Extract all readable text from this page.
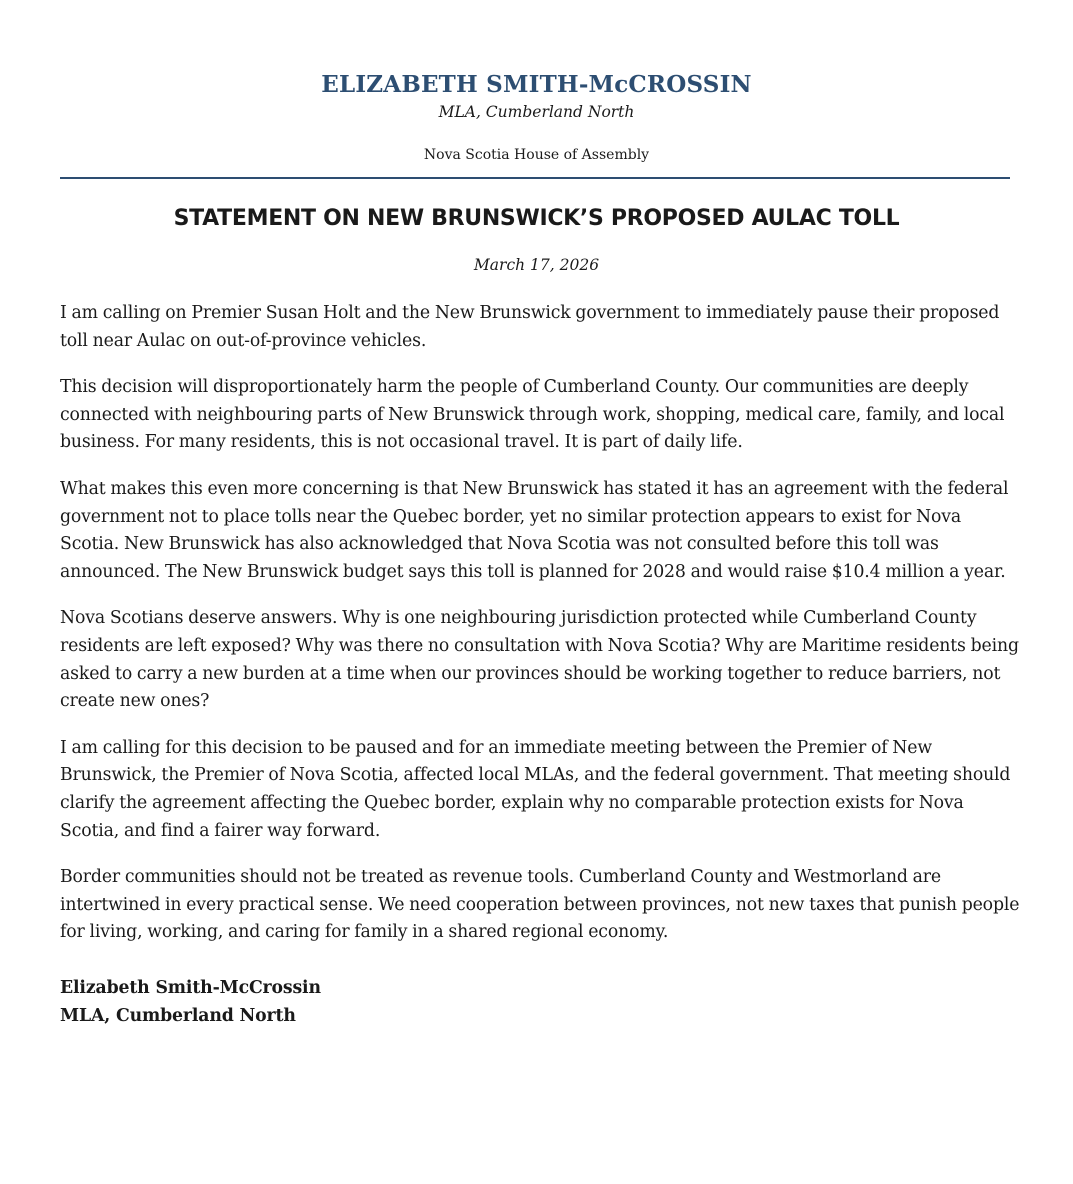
ELIZABETH SMITH-McCROSSIN
MLA, Cumberland North
Nova Scotia House of Assembly
STATEMENT ON NEW BRUNSWICK’S PROPOSED AULAC TOLL
March 17, 2026

I am calling on Premier Susan Holt and the New Brunswick government to immediately pause their proposed toll near Aulac on out-of-province vehicles.

This decision will disproportionately harm the people of Cumberland County. Our communities are deeply connected with neighbouring parts of New Brunswick through work, shopping, medical care, family, and local business. For many residents, this is not occasional travel. It is part of daily life.

What makes this even more concerning is that New Brunswick has stated it has an agreement with the federal government not to place tolls near the Quebec border, yet no similar protection appears to exist for Nova Scotia. New Brunswick has also acknowledged that Nova Scotia was not consulted before this toll was announced. The New Brunswick budget says this toll is planned for 2028 and would raise $10.4 million a year.

Nova Scotians deserve answers. Why is one neighbouring jurisdiction protected while Cumberland County residents are left exposed? Why was there no consultation with Nova Scotia? Why are Maritime residents being asked to carry a new burden at a time when our provinces should be working together to reduce barriers, not create new ones?

I am calling for this decision to be paused and for an immediate meeting between the Premier of New Brunswick, the Premier of Nova Scotia, affected local MLAs, and the federal government. That meeting should clarify the agreement affecting the Quebec border, explain why no comparable protection exists for Nova Scotia, and find a fairer way forward.

Border communities should not be treated as revenue tools. Cumberland County and Westmorland are intertwined in every practical sense. We need cooperation between provinces, not new taxes that punish people for living, working, and caring for family in a shared regional economy.

Elizabeth Smith-McCrossin
MLA, Cumberland North
